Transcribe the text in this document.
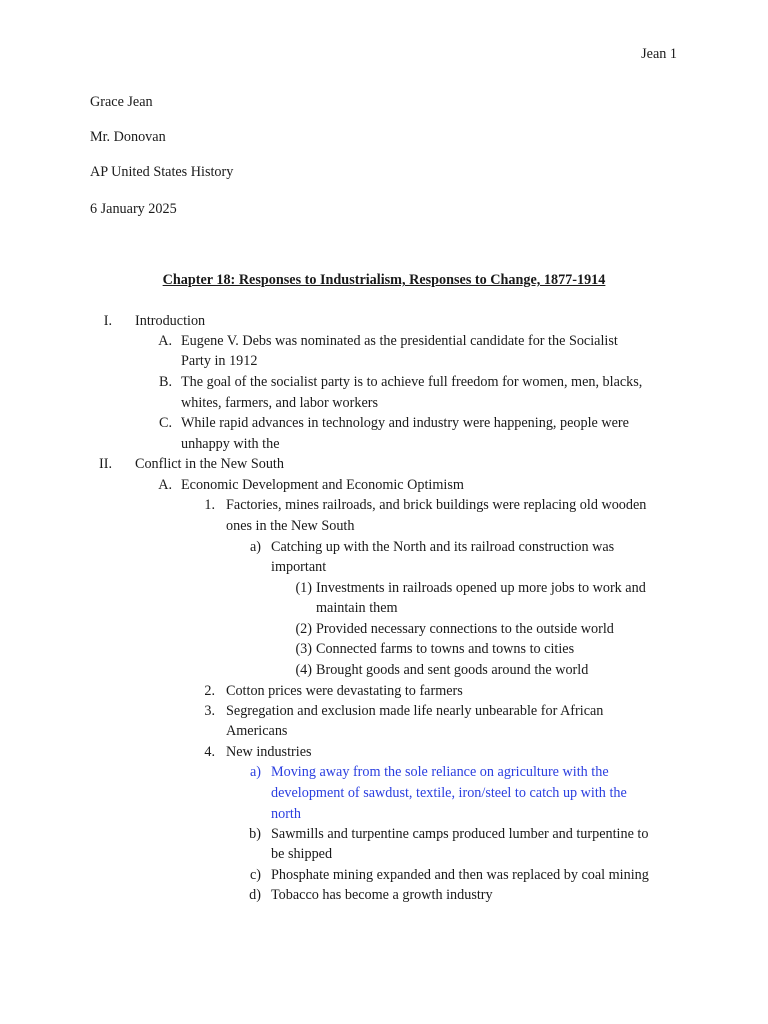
Jean 1
Grace Jean
Mr. Donovan
AP United States History
6 January 2025
Chapter 18: Responses to Industrialism, Responses to Change, 1877-1914
I. Introduction
A. Eugene V. Debs was nominated as the presidential candidate for the Socialist
Party in 1912
B. The goal of the socialist party is to achieve full freedom for women, men, blacks,
whites, farmers, and labor workers
C. While rapid advances in technology and industry were happening, people were
unhappy with the
II. Conflict in the New South
A. Economic Development and Economic Optimism
1. Factories, mines railroads, and brick buildings were replacing old wooden
ones in the New South
a) Catching up with the North and its railroad construction was
important
(1) Investments in railroads opened up more jobs to work and
maintain them
(2) Provided necessary connections to the outside world
(3) Connected farms to towns and towns to cities
(4) Brought goods and sent goods around the world
2. Cotton prices were devastating to farmers
3. Segregation and exclusion made life nearly unbearable for African
Americans
4. New industries
a) Moving away from the sole reliance on agriculture with the
development of sawdust, textile, iron/steel to catch up with the
north
b) Sawmills and turpentine camps produced lumber and turpentine to
be shipped
c) Phosphate mining expanded and then was replaced by coal mining
d) Tobacco has become a growth industry
